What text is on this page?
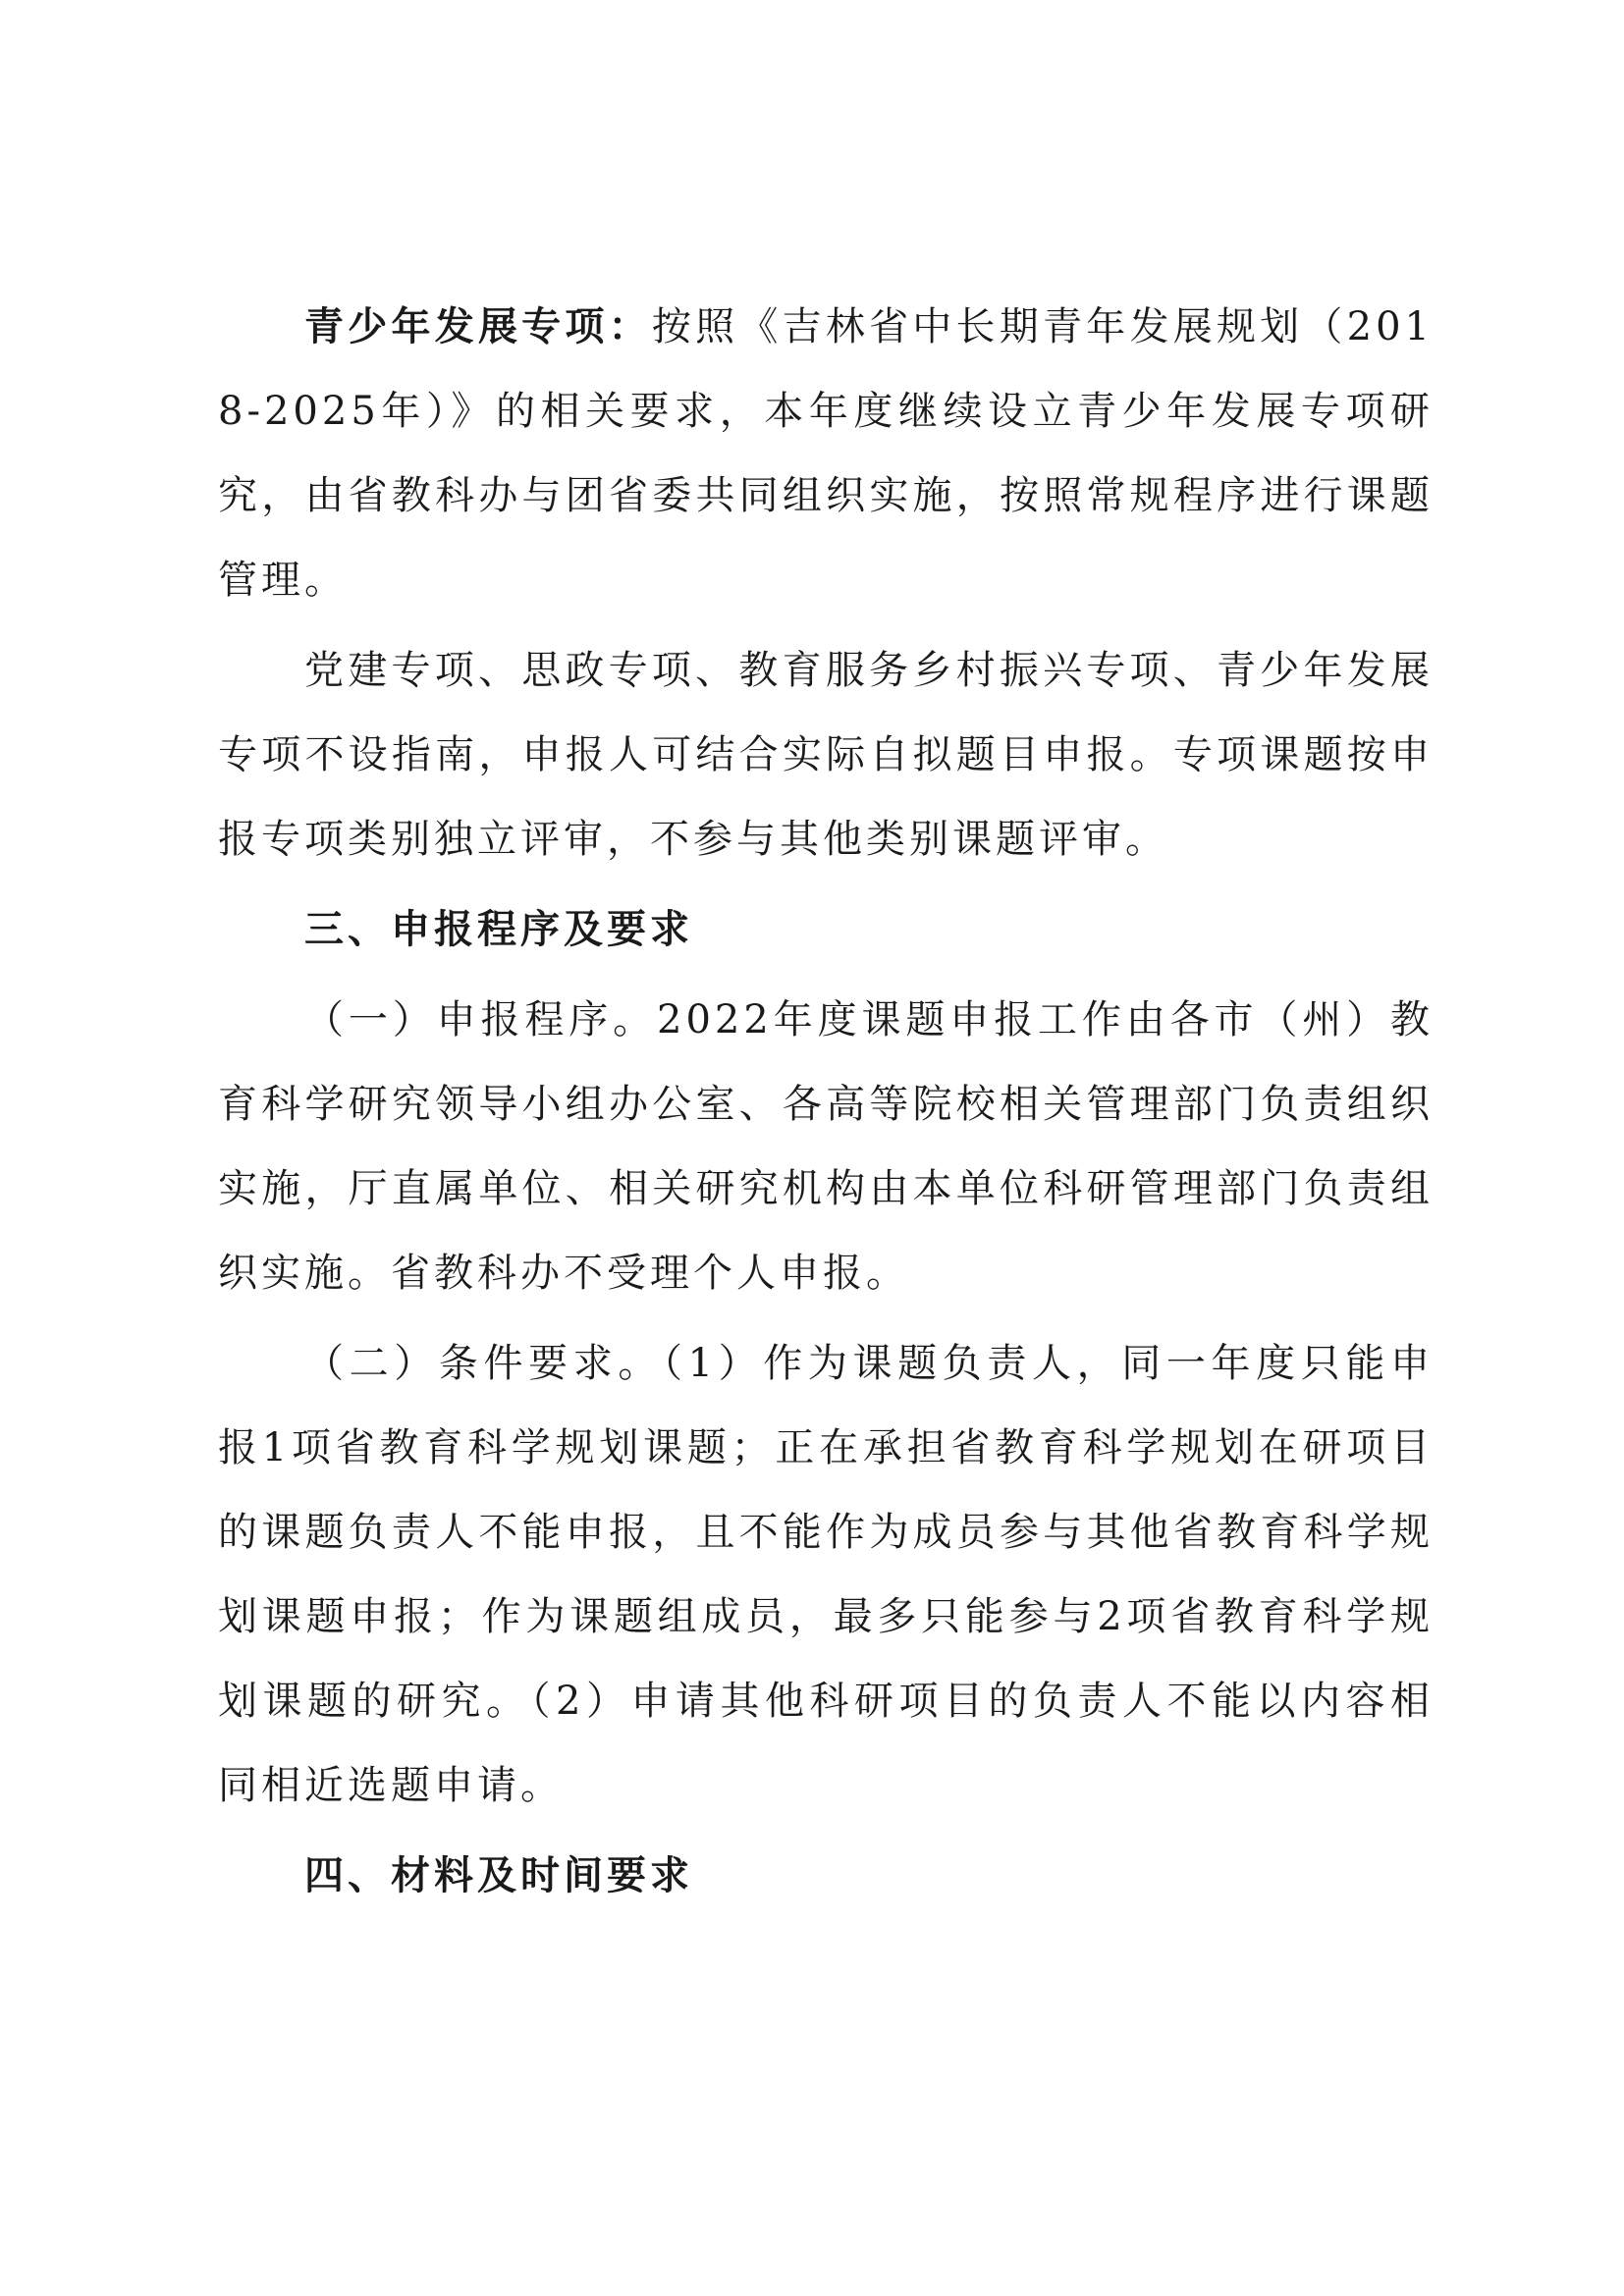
青少年发展专项：按照《吉林省中长期青年发展规划（2018-2025年）》的相关要求，本年度继续设立青少年发展专项研究，由省教科办与团省委共同组织实施，按照常规程序进行课题管理。

党建专项、思政专项、教育服务乡村振兴专项、青少年发展专项不设指南，申报人可结合实际自拟题目申报。专项课题按申报专项类别独立评审，不参与其他类别课题评审。

三、申报程序及要求

（一）申报程序。2022年度课题申报工作由各市（州）教育科学研究领导小组办公室、各高等院校相关管理部门负责组织实施，厅直属单位、相关研究机构由本单位科研管理部门负责组织实施。省教科办不受理个人申报。

（二）条件要求。（1）作为课题负责人，同一年度只能申报1项省教育科学规划课题；正在承担省教育科学规划在研项目的课题负责人不能申报，且不能作为成员参与其他省教育科学规划课题申报；作为课题组成员，最多只能参与2项省教育科学规划课题的研究。（2）申请其他科研项目的负责人不能以内容相同相近选题申请。

四、材料及时间要求
